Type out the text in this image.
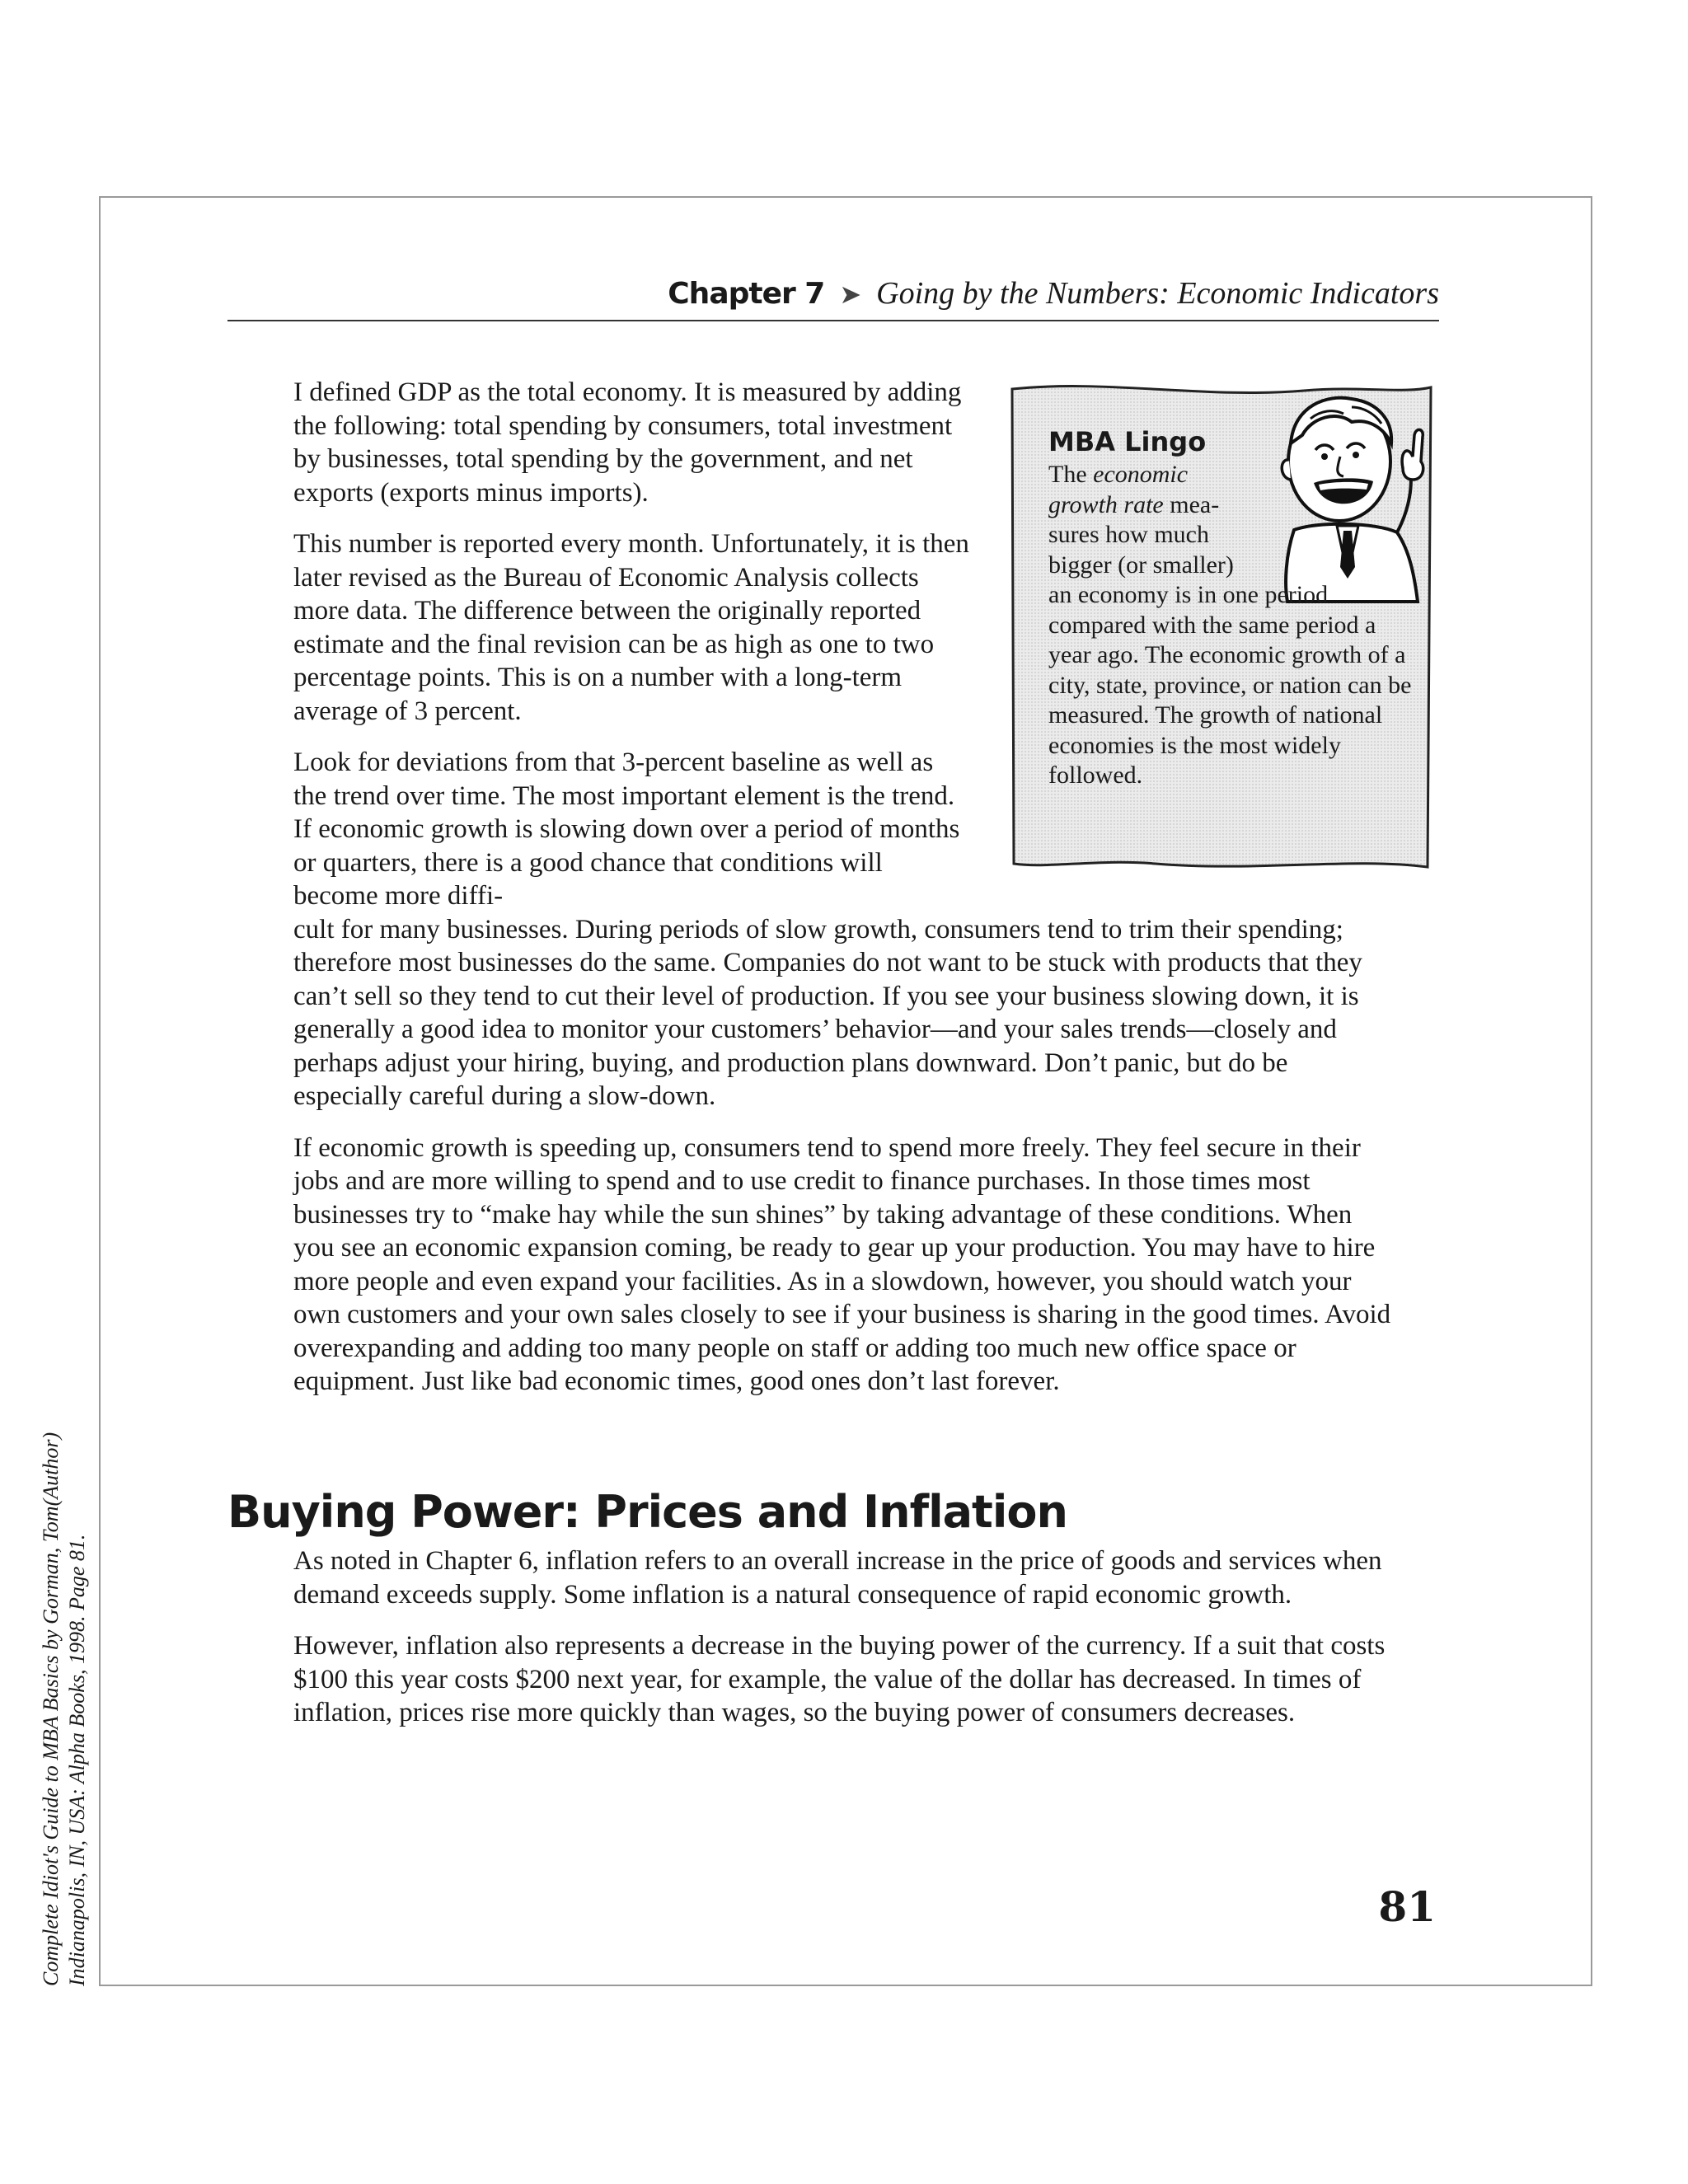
Chapter 7 ➤ Going by the Numbers: Economic Indicators

I defined GDP as the total economy. It is measured by adding the following: total spending by consumers, total investment by businesses, total spending by the government, and net exports (exports minus imports).

This number is reported every month. Unfortunately, it is then later revised as the Bureau of Economic Analysis collects more data. The difference between the originally reported estimate and the final revision can be as high as one to two percentage points. This is on a number with a long-term average of 3 percent.

Look for deviations from that 3-percent baseline as well as the trend over time. The most important element is the trend. If economic growth is slowing down over a period of months or quarters, there is a good chance that conditions will become more diffi-
cult for many businesses. During periods of slow growth, consumers tend to trim their spending; therefore most businesses do the same. Companies do not want to be stuck with products that they can’t sell so they tend to cut their level of production. If you see your business slowing down, it is generally a good idea to monitor your customers’ behavior—and your sales trends—closely and perhaps adjust your hiring, buying, and production plans downward. Don’t panic, but do be especially careful during a slow-down.

If economic growth is speeding up, consumers tend to spend more freely. They feel secure in their jobs and are more willing to spend and to use credit to finance purchases. In those times most businesses try to “make hay while the sun shines” by taking advantage of these conditions. When you see an economic expansion coming, be ready to gear up your production. You may have to hire more people and even expand your facilities. As in a slowdown, however, you should watch your own customers and your own sales closely to see if your business is sharing in the good times. Avoid overexpanding and adding too many people on staff or adding too much new office space or equipment. Just like bad economic times, good ones don’t last forever.

MBA Lingo
The economic
growth rate mea-
sures how much
bigger (or smaller)
an economy is in one period compared with the same period a year ago. The economic growth of a city, state, province, or nation can be measured. The growth of national economies is the most widely followed.
Buying Power: Prices and Inflation

As noted in Chapter 6, inflation refers to an overall increase in the price of goods and services when demand exceeds supply. Some inflation is a natural consequence of rapid economic growth.

However, inflation also represents a decrease in the buying power of the currency. If a suit that costs $100 this year costs $200 next year, for example, the value of the dollar has decreased. In times of inflation, prices rise more quickly than wages, so the buying power of consumers decreases.

81
Complete Idiot's Guide to MBA Basics by Gorman, Tom(Author) Indianapolis, IN, USA: Alpha Books, 1998. Page 81.
